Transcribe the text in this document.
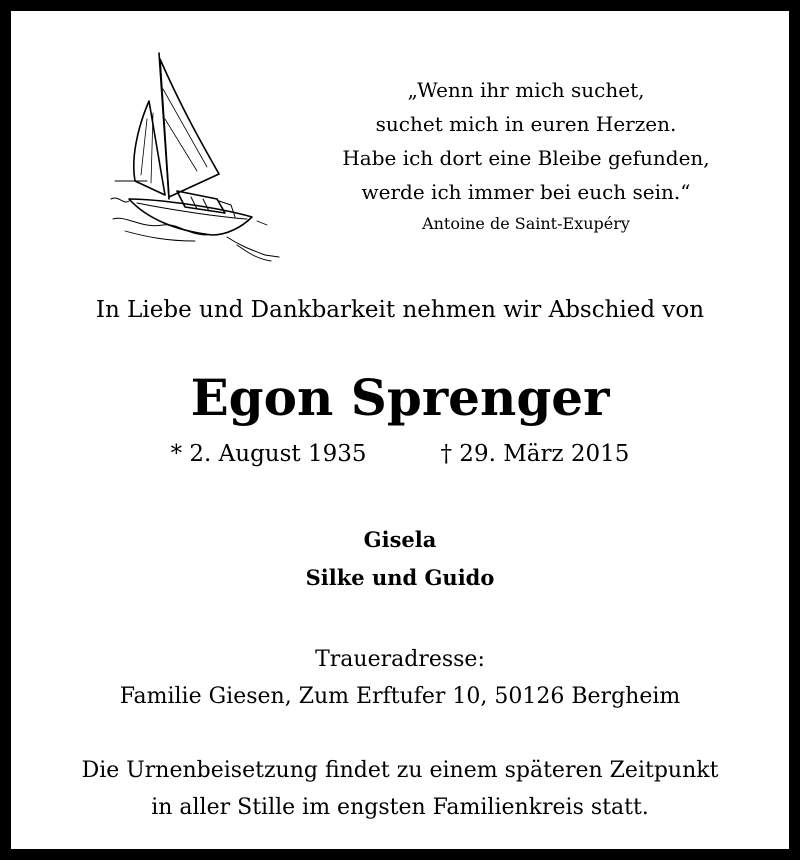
„Wenn ihr mich suchet,
suchet mich in euren Herzen.
Habe ich dort eine Bleibe gefunden,
werde ich immer bei euch sein.“
Antoine de Saint-Exupéry
In Liebe und Dankbarkeit nehmen wir Abschied von
Egon Sprenger
* 2. August 1935	† 29. März 2015
Gisela
Silke und Guido
Traueradresse:
Familie Giesen, Zum Erftufer 10, 50126 Bergheim
Die Urnenbeisetzung findet zu einem späteren Zeitpunkt
in aller Stille im engsten Familienkreis statt.
